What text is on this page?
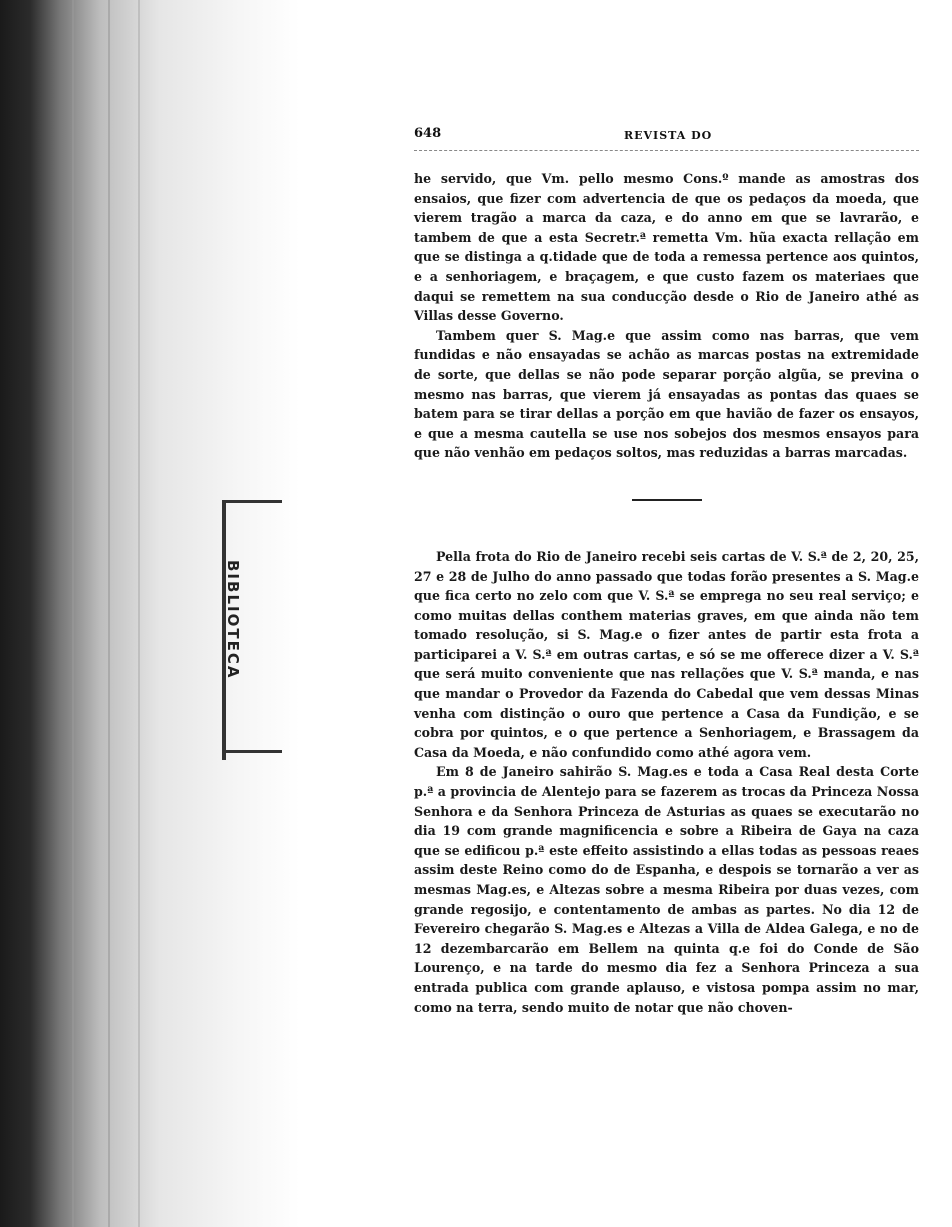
BIBLIOTECA
648	REVISTA DO

he servido, que Vm. pello mesmo Cons.º mande as amostras dos ensaios, que fizer com advertencia de que os pedaços da moeda, que vierem tragão a marca da caza, e do anno em que se lavrarão, e tambem de que a esta Secretr.ª remetta Vm. hũa exacta rellação em que se distinga a q.tidade que de toda a remessa pertence aos quintos, e a senhoriagem, e braçagem, e que custo fazem os materiaes que daqui se remettem na sua conducção desde o Rio de Janeiro athé as Villas desse Governo.

Tambem quer S. Mag.e que assim como nas barras, que vem fundidas e não ensayadas se achão as marcas postas na extremidade de sorte, que dellas se não pode separar porção algũa, se previna o mesmo nas barras, que vierem já ensayadas as pontas das quaes se batem para se tirar dellas a porção em que havião de fazer os ensayos, e que a mesma cautella se use nos sobejos dos mesmos ensayos para que não venhão em pedaços soltos, mas reduzidas a barras marcadas.

Pella frota do Rio de Janeiro recebi seis cartas de V. S.ª de 2, 20, 25, 27 e 28 de Julho do anno passado que todas forão presentes a S. Mag.e que fica certo no zelo com que V. S.ª se emprega no seu real serviço; e como muitas dellas conthem materias graves, em que ainda não tem tomado resolução, si S. Mag.e o fizer antes de partir esta frota a participarei a V. S.ª em outras cartas, e só se me offerece dizer a V. S.ª que será muito conveniente que nas rellações que V. S.ª manda, e nas que mandar o Provedor da Fazenda do Cabedal que vem dessas Minas venha com distinção o ouro que pertence a Casa da Fundição, e se cobra por quintos, e o que pertence a Senhoriagem, e Brassagem da Casa da Moeda, e não confundido como athé agora vem.

Em 8 de Janeiro sahirão S. Mag.es e toda a Casa Real desta Corte p.ª a provincia de Alentejo para se fazerem as trocas da Princeza Nossa Senhora e da Senhora Princeza de Asturias as quaes se executarão no dia 19 com grande magnificencia e sobre a Ribeira de Gaya na caza que se edificou p.ª este effeito assistindo a ellas todas as pessoas reaes assim deste Reino como do de Espanha, e despois se tornarão a ver as mesmas Mag.es, e Altezas sobre a mesma Ribeira por duas vezes, com grande regosijo, e contentamento de ambas as partes. No dia 12 de Fevereiro chegarão S. Mag.es e Altezas a Villa de Aldea Galega, e no de 12 dezembarcarão em Bellem na quinta q.e foi do Conde de São Lourenço, e na tarde do mesmo dia fez a Senhora Princeza a sua entrada publica com grande aplauso, e vistosa pompa assim no mar, como na terra, sendo muito de notar que não choven-
